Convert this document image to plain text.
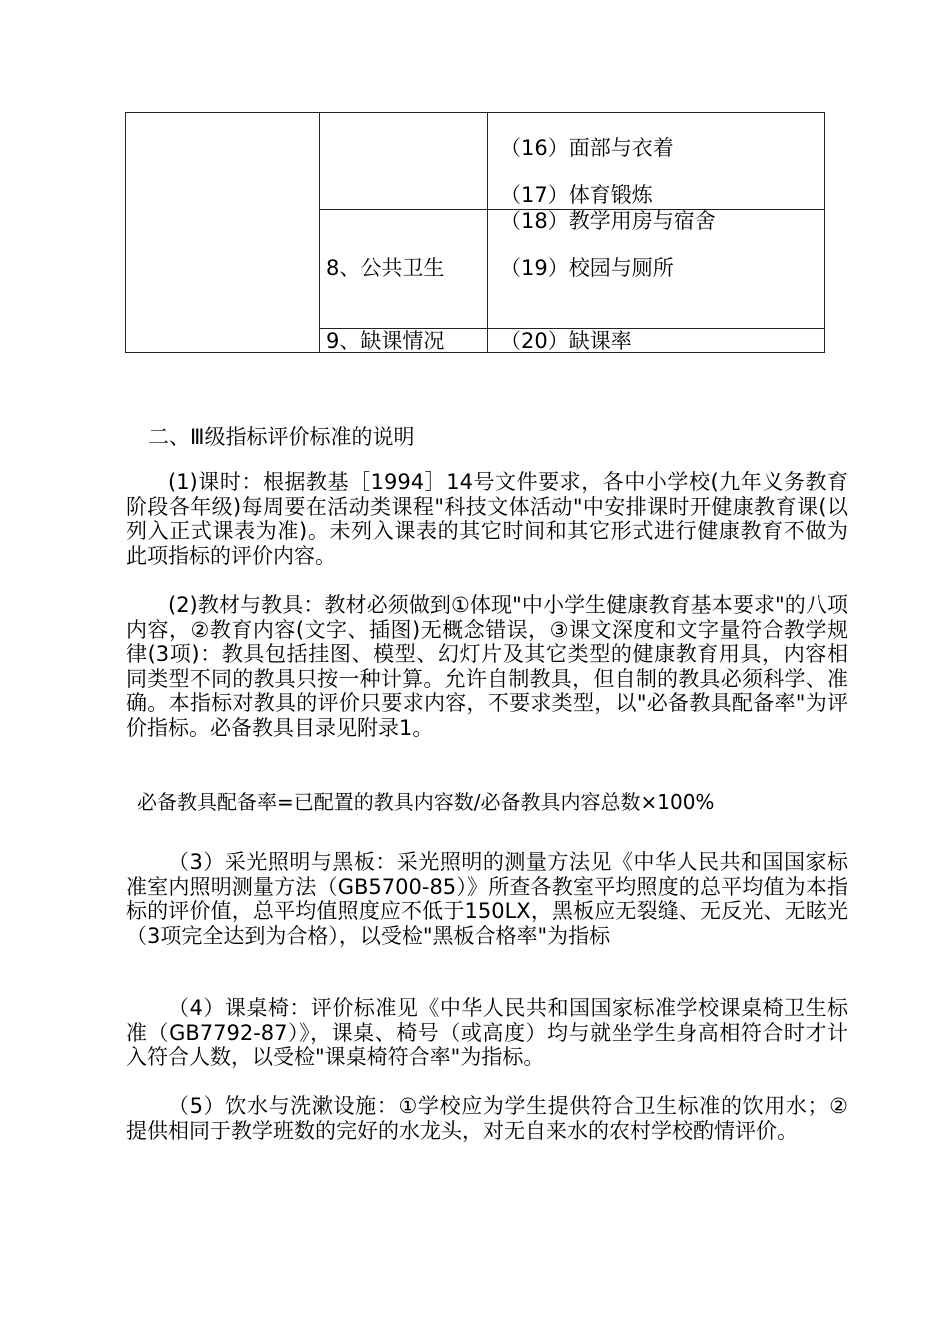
（16）面部与衣着
（17）体育锻炼
8、公共卫生
（18）教学用房与宿舍
（19）校园与厕所
9、缺课情况	（20）缺课率
二、Ⅲ级指标评价标准的说明

(1)课时：根据教基［1994］14号文件要求，各中小学校(九年义务教育阶段各年级)每周要在活动类课程"科技文体活动"中安排课时开健康教育课(以列入正式课表为准)。未列入课表的其它时间和其它形式进行健康教育不做为此项指标的评价内容。

(2)教材与教具：教材必须做到①体现"中小学生健康教育基本要求"的八项内容，②教育内容(文字、插图)无概念错误，③课文深度和文字量符合教学规律(3项)：教具包括挂图、模型、幻灯片及其它类型的健康教育用具，内容相同类型不同的教具只按一种计算。允许自制教具，但自制的教具必须科学、准确。本指标对教具的评价只要求内容，不要求类型，以"必备教具配备率"为评价指标。必备教具目录见附录1。

必备教具配备率=已配置的教具内容数/必备教具内容总数×100%

（3）采光照明与黑板：采光照明的测量方法见《中华人民共和国国家标准室内照明测量方法（GB5700-85）》所查各教室平均照度的总平均值为本指标的评价值，总平均值照度应不低于150LX，黑板应无裂缝、无反光、无眩光（3项完全达到为合格），以受检"黑板合格率"为指标

（4）课桌椅：评价标准见《中华人民共和国国家标准学校课桌椅卫生标准（GB7792-87）》，课桌、椅号（或高度）均与就坐学生身高相符合时才计入符合人数，以受检"课桌椅符合率"为指标。

（5）饮水与洗漱设施：①学校应为学生提供符合卫生标准的饮用水；②提供相同于教学班数的完好的水龙头，对无自来水的农村学校酌情评价。
